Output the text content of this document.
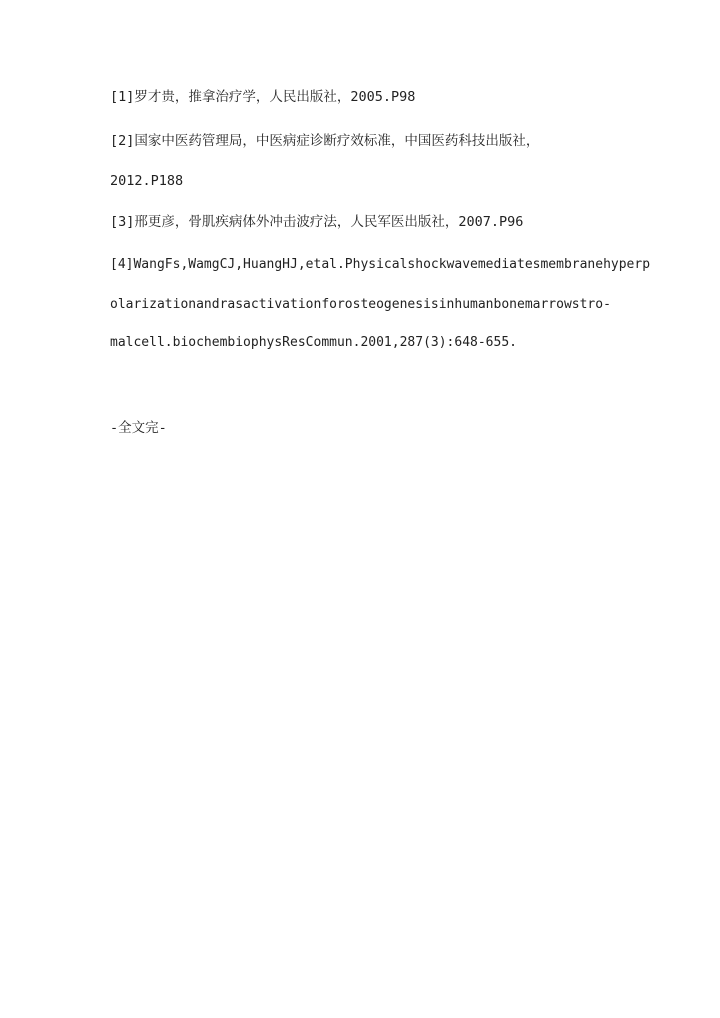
[1]罗才贵，推拿治疗学，人民出版社，2005.P98
[2]国家中医药管理局，中医病症诊断疗效标准，中国医药科技出版社，
2012.P188
[3]邢更彦，骨肌疾病体外冲击波疗法，人民军医出版社，2007.P96
[4]WangFs,WamgCJ,HuangHJ,etal.Physicalshockwavemediatesmembranehyperp
olarizationandrasactivationforosteogenesisinhumanbonemarrowstro-
malcell.biochembiophysResCommun.2001,287(3):648-655.
-全文完-
